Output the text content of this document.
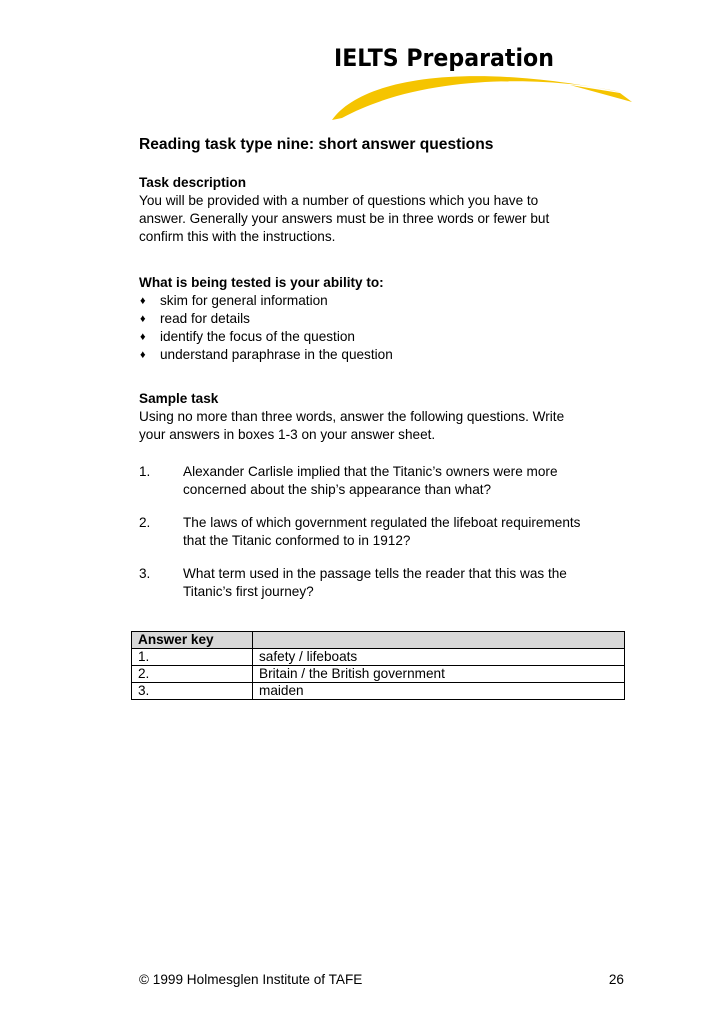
IELTS Preparation
Reading task type nine: short answer questions

Task description

You will be provided with a number of questions which you have to

answer. Generally your answers must be in three words or fewer but

confirm this with the instructions.

What is being tested is your ability to:

♦ skim for general information
♦ read for details
♦ identify the focus of the question
♦ understand paraphrase in the question

Sample task

Using no more than three words, answer the following questions. Write

your answers in boxes 1-3 on your answer sheet.

1.	Alexander Carlisle implied that the Titanic’s owners were more

concerned about the ship’s appearance than what?

2.	The laws of which government regulated the lifeboat requirements

that the Titanic conformed to in 1912?

3.	What term used in the passage tells the reader that this was the

Titanic’s first journey?

Answer key	
1.	safety / lifeboats
2.	Britain / the British government
3.	maiden
© 1999 Holmesglen Institute of TAFE	26
